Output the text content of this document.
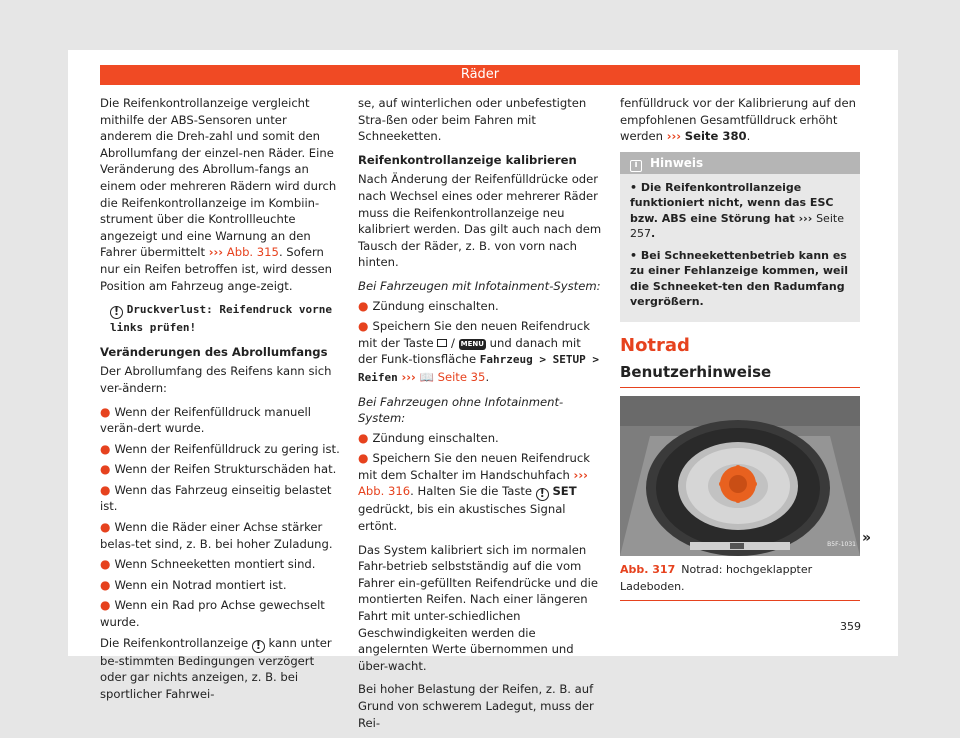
Räder

Die Reifenkontrollanzeige vergleicht mithilfe der ABS-Sensoren unter anderem die Dreh-zahl und somit den Abrollumfang der einzel-nen Räder. Eine Veränderung des Abrollum-fangs an einem oder mehreren Rädern wird durch die Reifenkontrollanzeige im Kombiin-strument über die Kontrollleuchte angezeigt und eine Warnung an den Fahrer übermittelt ››› Abb. 315. Sofern nur ein Reifen betroffen ist, wird dessen Position am Fahrzeug ange-zeigt.

! Druckverlust: Reifendruck vorne links prüfen!

Veränderungen des Abrollumfangs

Der Abrollumfang des Reifens kann sich ver-ändern:

● Wenn der Reifenfülldruck manuell verän-dert wurde.
● Wenn der Reifenfülldruck zu gering ist.
● Wenn der Reifen Strukturschäden hat.
● Wenn das Fahrzeug einseitig belastet ist.
● Wenn die Räder einer Achse stärker belas-tet sind, z. B. bei hoher Zuladung.
● Wenn Schneeketten montiert sind.
● Wenn ein Notrad montiert ist.
● Wenn ein Rad pro Achse gewechselt wurde.

Die Reifenkontrollanzeige ! kann unter be-stimmten Bedingungen verzögert oder gar nichts anzeigen, z. B. bei sportlicher Fahrwei-

se, auf winterlichen oder unbefestigten Stra-ßen oder beim Fahren mit Schneeketten.

Reifenkontrollanzeige kalibrieren

Nach Änderung der Reifenfülldrücke oder nach Wechsel eines oder mehrerer Räder muss die Reifenkontrollanzeige neu kalibriert werden. Das gilt auch nach dem Tausch der Räder, z. B. von vorn nach hinten.

Bei Fahrzeugen mit Infotainment-System:

● Zündung einschalten.
● Speichern Sie den neuen Reifendruck mit der Taste  / MENU und danach mit der Funk-tionsfläche Fahrzeug > SETUP > Reifen ››› 📖 Seite 35.

Bei Fahrzeugen ohne Infotainment-System:

● Zündung einschalten.
● Speichern Sie den neuen Reifendruck mit dem Schalter im Handschuhfach ››› Abb. 316. Halten Sie die Taste ! SET gedrückt, bis ein akustisches Signal ertönt.

Das System kalibriert sich im normalen Fahr-betrieb selbstständig auf die vom Fahrer ein-gefüllten Reifendrücke und die montierten Reifen. Nach einer längeren Fahrt mit unter-schiedlichen Geschwindigkeiten werden die angelernten Werte übernommen und über-wacht.

Bei hoher Belastung der Reifen, z. B. auf Grund von schwerem Ladegut, muss der Rei-

fenfülldruck vor der Kalibrierung auf den empfohlenen Gesamtfülldruck erhöht werden ››› Seite 380.

i Hinweis

• Die Reifenkontrollanzeige funktioniert nicht, wenn das ESC bzw. ABS eine Störung hat ››› Seite 257.

• Bei Schneekettenbetrieb kann es zu einer Fehlanzeige kommen, weil die Schneeket-ten den Radumfang vergrößern.

Notrad
Benutzerhinweise
B5F-1031
Abb. 317 Notrad: hochgeklappter Ladeboden.
»
359
